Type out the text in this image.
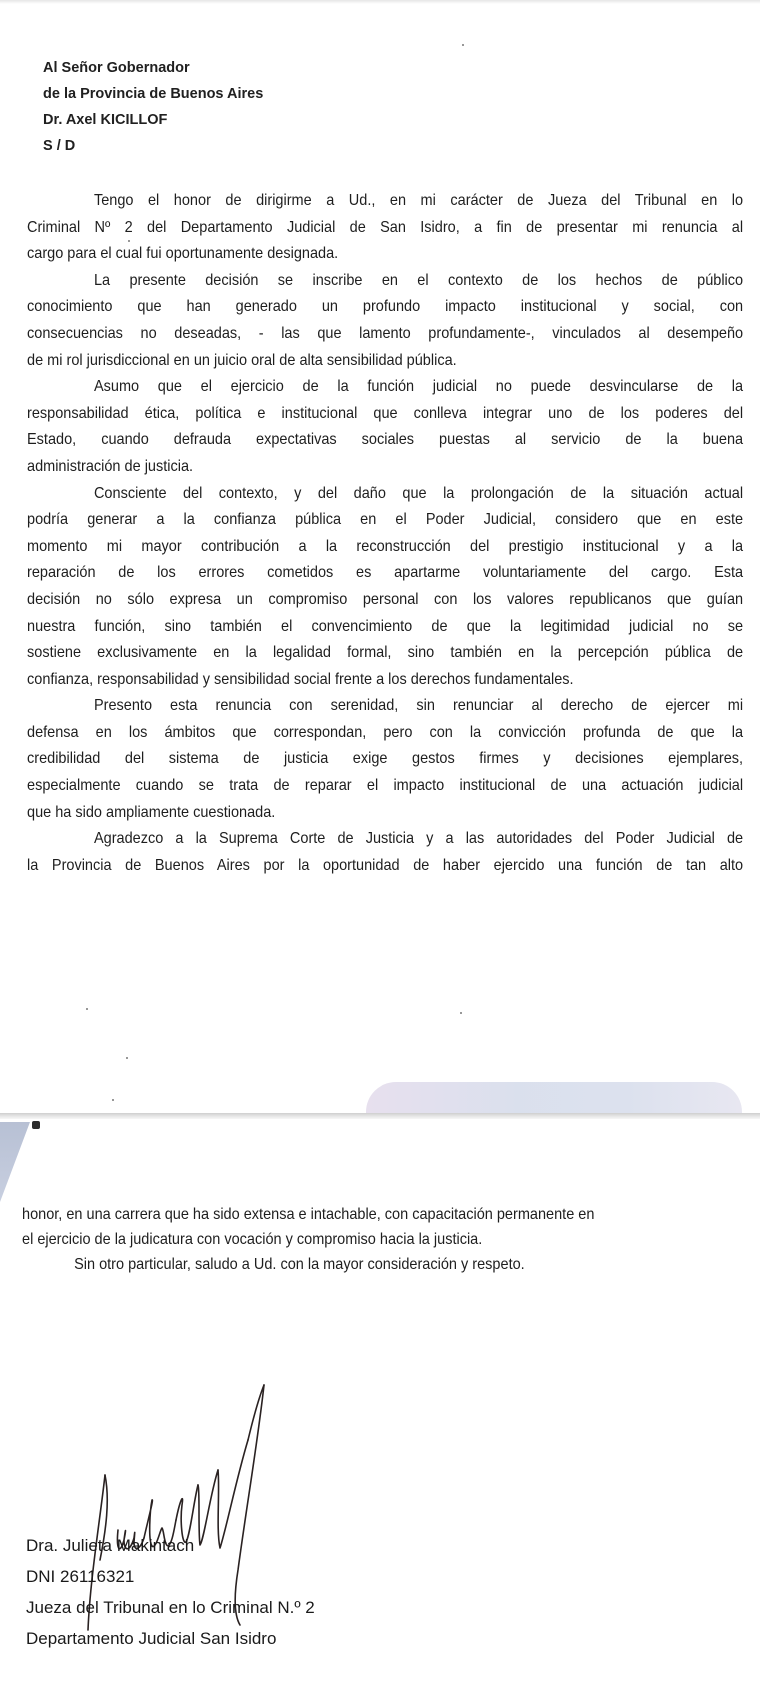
Al Señor Gobernador
de la Provincia de Buenos Aires
Dr. Axel KICILLOF
S / D
Tengo el honor de dirigirme a Ud., en mi carácter de Jueza del Tribunal en lo
Criminal Nº 2 del Departamento Judicial de San Isidro, a fin de presentar mi renuncia al
cargo para el cual fui oportunamente designada.
La presente decisión se inscribe en el contexto de los hechos de público
conocimiento que han generado un profundo impacto institucional y social, con
consecuencias no deseadas, - las que lamento profundamente-, vinculados al desempeño
de mi rol jurisdiccional en un juicio oral de alta sensibilidad pública.
Asumo que el ejercicio de la función judicial no puede desvincularse de la
responsabilidad ética, política e institucional que conlleva integrar uno de los poderes del
Estado, cuando defrauda expectativas sociales puestas al servicio de la buena
administración de justicia.
Consciente del contexto, y del daño que la prolongación de la situación actual
podría generar a la confianza pública en el Poder Judicial, considero que en este
momento mi mayor contribución a la reconstrucción del prestigio institucional y a la
reparación de los errores cometidos es apartarme voluntariamente del cargo. Esta
decisión no sólo expresa un compromiso personal con los valores republicanos que guían
nuestra función, sino también el convencimiento de que la legitimidad judicial no se
sostiene exclusivamente en la legalidad formal, sino también en la percepción pública de
confianza, responsabilidad y sensibilidad social frente a los derechos fundamentales.
Presento esta renuncia con serenidad, sin renunciar al derecho de ejercer mi
defensa en los ámbitos que correspondan, pero con la convicción profunda de que la
credibilidad del sistema de justicia exige gestos firmes y decisiones ejemplares,
especialmente cuando se trata de reparar el impacto institucional de una actuación judicial
que ha sido ampliamente cuestionada.
Agradezco a la Suprema Corte de Justicia y a las autoridades del Poder Judicial de
la Provincia de Buenos Aires por la oportunidad de haber ejercido una función de tan alto
honor, en una carrera que ha sido extensa e intachable, con capacitación permanente en
el ejercicio de la judicatura con vocación y compromiso hacia la justicia.
Sin otro particular, saludo a Ud. con la mayor consideración y respeto.
Dra. Julieta Makintach
DNI 26116321
Jueza del Tribunal en lo Criminal N.º 2
Departamento Judicial San Isidro
